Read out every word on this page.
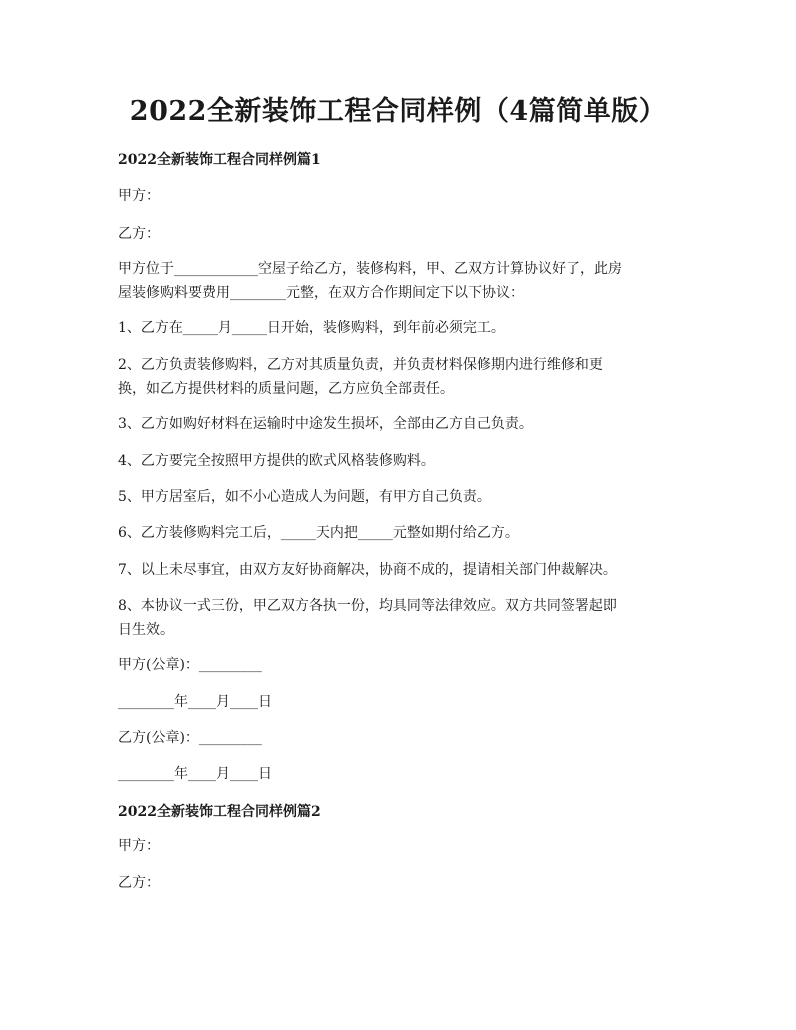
2022全新装饰工程合同样例（4篇简单版）
2022全新装饰工程合同样例篇1
甲方：
乙方：
甲方位于____________空屋子给乙方，装修构料，甲、乙双方计算协议好了，此房
屋装修购料要费用________元整，在双方合作期间定下以下协议：
1、乙方在_____月_____日开始，装修购料，到年前必须完工。
2、乙方负责装修购料，乙方对其质量负责，并负责材料保修期内进行维修和更
换，如乙方提供材料的质量问题，乙方应负全部责任。
3、乙方如购好材料在运输时中途发生损坏，全部由乙方自己负责。
4、乙方要完全按照甲方提供的欧式风格装修购料。
5、甲方居室后，如不小心造成人为问题，有甲方自己负责。
6、乙方装修购料完工后，_____天内把_____元整如期付给乙方。
7、以上未尽事宜，由双方友好协商解决，协商不成的，提请相关部门仲裁解决。
8、本协议一式三份，甲乙双方各执一份，均具同等法律效应。双方共同签署起即
日生效。
甲方(公章)：_________
________年____月____日
乙方(公章)：_________
________年____月____日
2022全新装饰工程合同样例篇2
甲方：
乙方：
